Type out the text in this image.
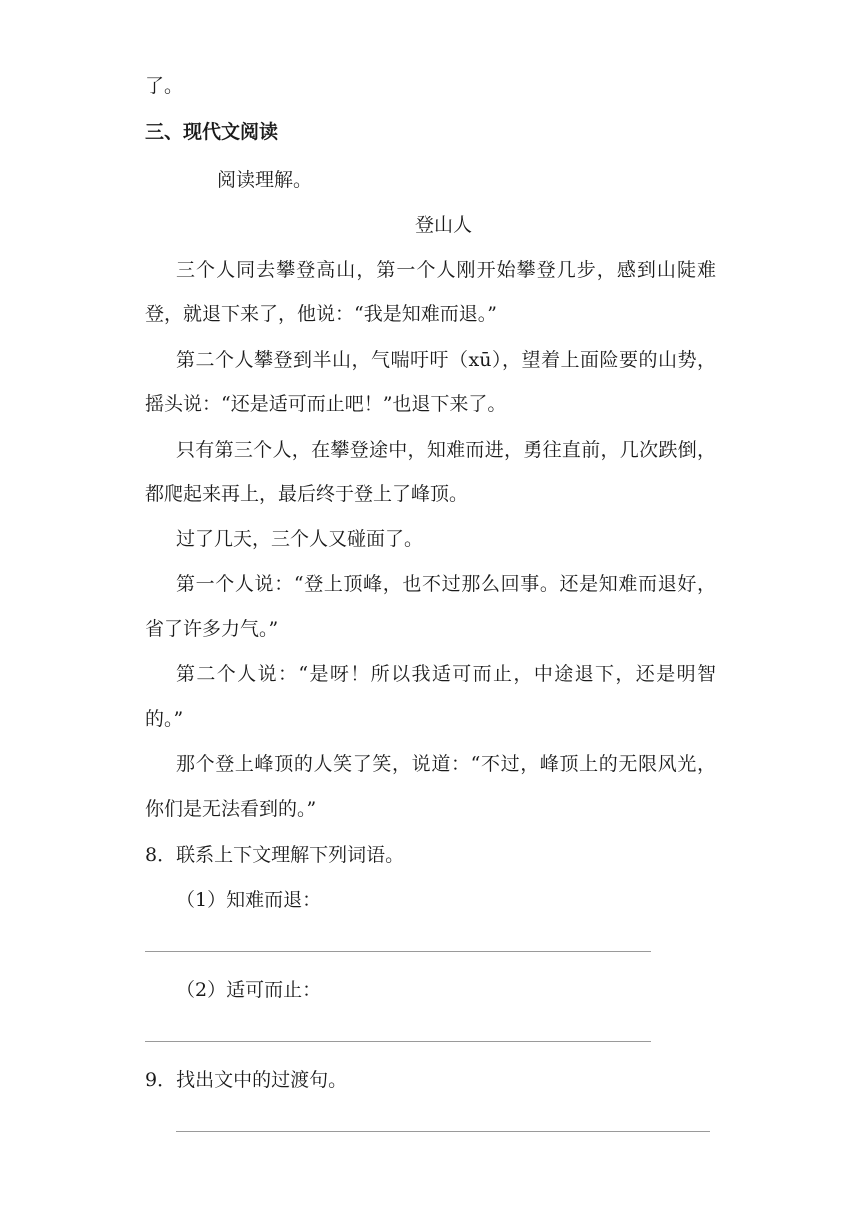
了。
三、现代文阅读
阅读理解。
登山人
三个人同去攀登高山，第一个人刚开始攀登几步，感到山陡难
登，就退下来了，他说：“我是知难而退。”
第二个人攀登到半山，气喘吁吁（xū），望着上面险要的山势，
摇头说：“还是适可而止吧！”也退下来了。
只有第三个人，在攀登途中，知难而进，勇往直前，几次跌倒，
都爬起来再上，最后终于登上了峰顶。
过了几天，三个人又碰面了。
第一个人说：“登上顶峰，也不过那么回事。还是知难而退好，
省了许多力气。”
第二个人说：“是呀！所以我适可而止，中途退下，还是明智
的。”
那个登上峰顶的人笑了笑，说道：“不过，峰顶上的无限风光，
你们是无法看到的。”
8．联系上下文理解下列词语。
（1）知难而退：
（2）适可而止：
9．找出文中的过渡句。
